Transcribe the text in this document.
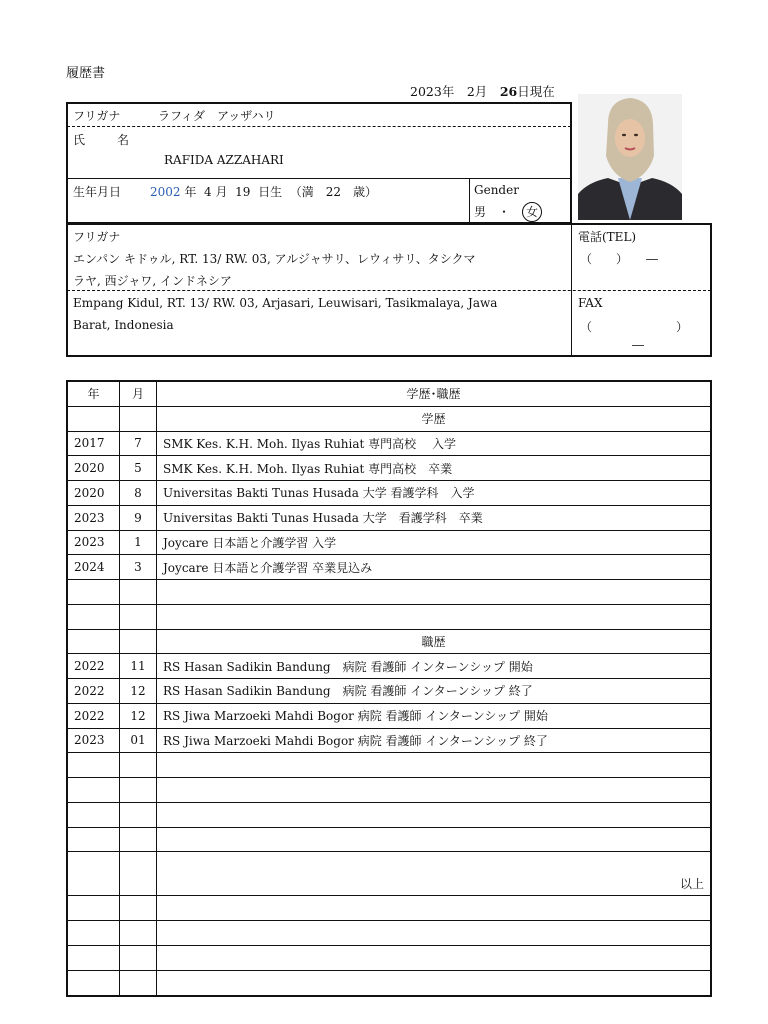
履歴書
2023年　 2月　 26日現在
フリガナ	ラフィダ　アッザハリ
氏	名
RAFIDA AZZAHARI
生年月日 2002 年 4 月 19 日生 （満　22　歳）	Gender
男　 ・　 女
フリガナ
エンパン キドゥル, RT. 13/ RW. 03, アルジャサリ、レウィサリ、タシクマ
ラヤ, 西ジャワ, インドネシア
Empang Kidul, RT. 13/ RW. 03, Arjasari, Leuwisari, Tasikmalaya, Jawa
Barat, Indonesia
電話(TEL)
（　　）　　―
FAX
（　　　　　　　）
―
年	月	学歴･職歴
学歴
2017	7	SMK Kes. K.H. Moh. Ilyas Ruhiat 専門高校　 入学
2020	5	SMK Kes. K.H. Moh. Ilyas Ruhiat 専門高校　卒業
2020	8	Universitas Bakti Tunas Husada 大学 看護学科　入学
2023	9	Universitas Bakti Tunas Husada 大学　看護学科　卒業
2023	1	Joycare 日本語と介護学習 入学
2024	3	Joycare 日本語と介護学習 卒業見込み
職歴
2022	11	RS Hasan Sadikin Bandung　病院 看護師 インターンシップ 開始
2022	12	RS Hasan Sadikin Bandung　病院 看護師 インターンシップ 終了
2022	12	RS Jiwa Marzoeki Mahdi Bogor 病院 看護師 インターンシップ 開始
2023	01	RS Jiwa Marzoeki Mahdi Bogor 病院 看護師 インターンシップ 終了
以上
